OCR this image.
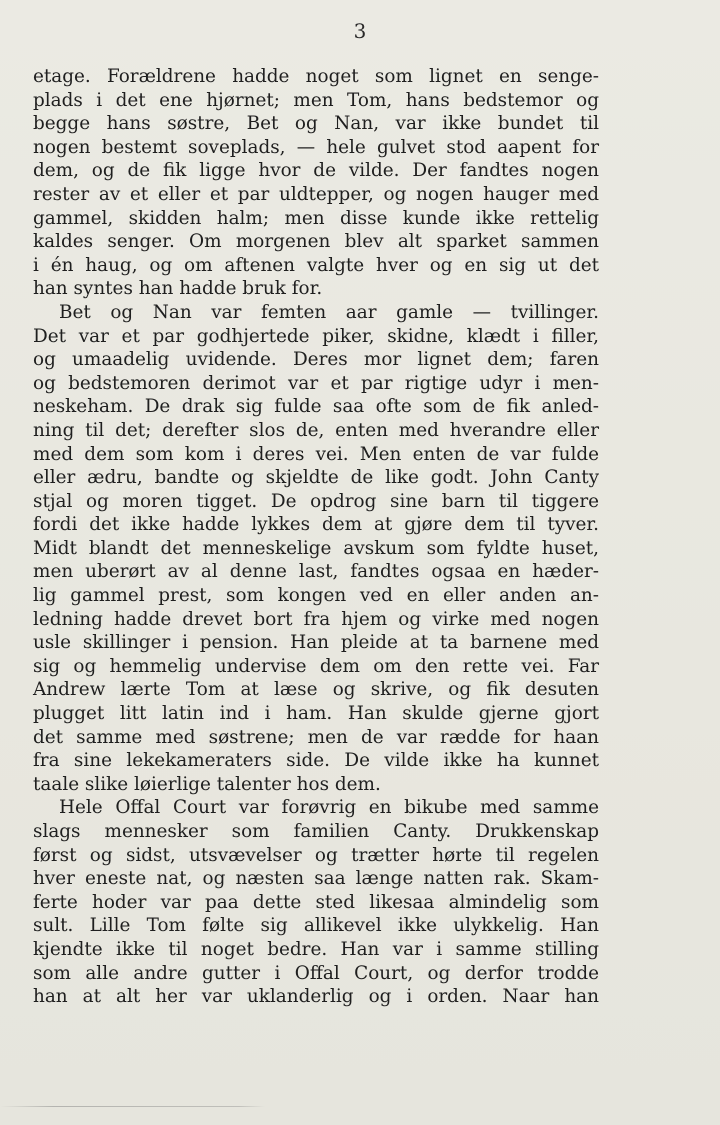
3
etage. Forældrene hadde noget som lignet en senge-
plads i det ene hjørnet; men Tom, hans bedstemor og
begge hans søstre, Bet og Nan, var ikke bundet til
nogen bestemt soveplads, — hele gulvet stod aapent for
dem, og de fik ligge hvor de vilde. Der fandtes nogen
rester av et eller et par uldtepper, og nogen hauger med
gammel, skidden halm; men disse kunde ikke rettelig
kaldes senger. Om morgenen blev alt sparket sammen
i én haug, og om aftenen valgte hver og en sig ut det
han syntes han hadde bruk for.
Bet og Nan var femten aar gamle — tvillinger.
Det var et par godhjertede piker, skidne, klædt i filler,
og umaadelig uvidende. Deres mor lignet dem; faren
og bedstemoren derimot var et par rigtige udyr i men-
neskeham. De drak sig fulde saa ofte som de fik anled-
ning til det; derefter slos de, enten med hverandre eller
med dem som kom i deres vei. Men enten de var fulde
eller ædru, bandte og skjeldte de like godt. John Canty
stjal og moren tigget. De opdrog sine barn til tiggere
fordi det ikke hadde lykkes dem at gjøre dem til tyver.
Midt blandt det menneskelige avskum som fyldte huset,
men uberørt av al denne last, fandtes ogsaa en hæder-
lig gammel prest, som kongen ved en eller anden an-
ledning hadde drevet bort fra hjem og virke med nogen
usle skillinger i pension. Han pleide at ta barnene med
sig og hemmelig undervise dem om den rette vei. Far
Andrew lærte Tom at læse og skrive, og fik desuten
plugget litt latin ind i ham. Han skulde gjerne gjort
det samme med søstrene; men de var rædde for haan
fra sine lekekameraters side. De vilde ikke ha kunnet
taale slike løierlige talenter hos dem.
Hele Offal Court var forøvrig en bikube med samme
slags mennesker som familien Canty. Drukkenskap
først og sidst, utsvævelser og trætter hørte til regelen
hver eneste nat, og næsten saa længe natten rak. Skam-
ferte hoder var paa dette sted likesaa almindelig som
sult. Lille Tom følte sig allikevel ikke ulykkelig. Han
kjendte ikke til noget bedre. Han var i samme stilling
som alle andre gutter i Offal Court, og derfor trodde
han at alt her var uklanderlig og i orden. Naar han
